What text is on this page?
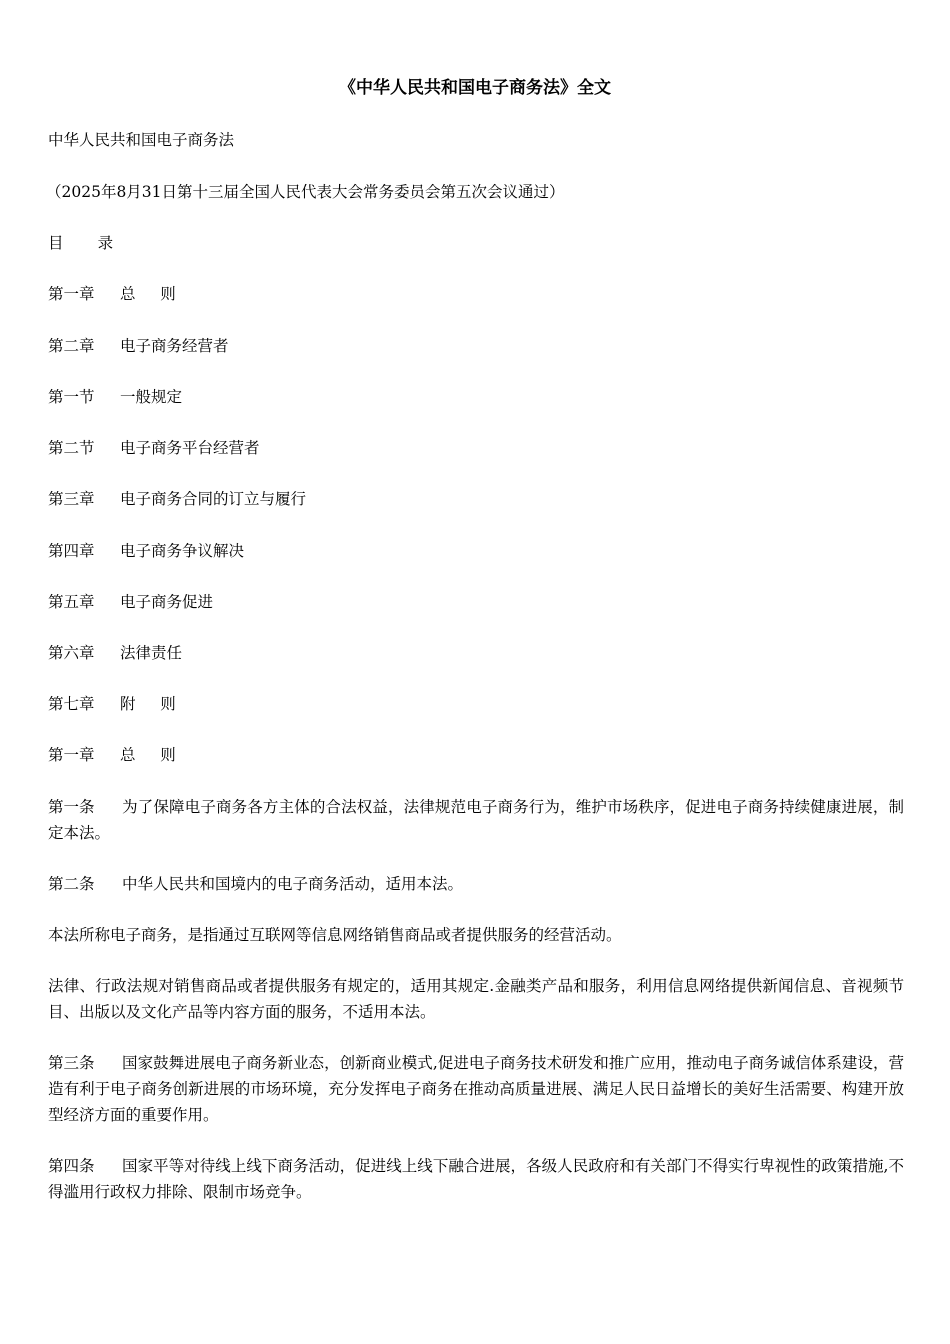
《中华人民共和国电子商务法》全文
中华人民共和国电子商务法
（2025年8月31日第十三届全国人民代表大会常务委员会第五次会议通过）
目录
第一章 总则
第二章 电子商务经营者
第一节 一般规定
第二节 电子商务平台经营者
第三章 电子商务合同的订立与履行
第四章 电子商务争议解决
第五章 电子商务促进
第六章 法律责任
第七章 附则
第一章 总则
第一条 为了保障电子商务各方主体的合法权益，法律规范电子商务行为，维护市场秩序，促进电子商务持续健康进展，制定本法。
第二条 中华人民共和国境内的电子商务活动，适用本法。
本法所称电子商务，是指通过互联网等信息网络销售商品或者提供服务的经营活动。
法律、行政法规对销售商品或者提供服务有规定的，适用其规定.金融类产品和服务，利用信息网络提供新闻信息、音视频节目、出版以及文化产品等内容方面的服务，不适用本法。
第三条 国家鼓舞进展电子商务新业态，创新商业模式,促进电子商务技术研发和推广应用，推动电子商务诚信体系建设，营造有利于电子商务创新进展的市场环境，充分发挥电子商务在推动高质量进展、满足人民日益增长的美好生活需要、构建开放型经济方面的重要作用。
第四条 国家平等对待线上线下商务活动，促进线上线下融合进展，各级人民政府和有关部门不得实行卑视性的政策措施,不得滥用行政权力排除、限制市场竞争。
